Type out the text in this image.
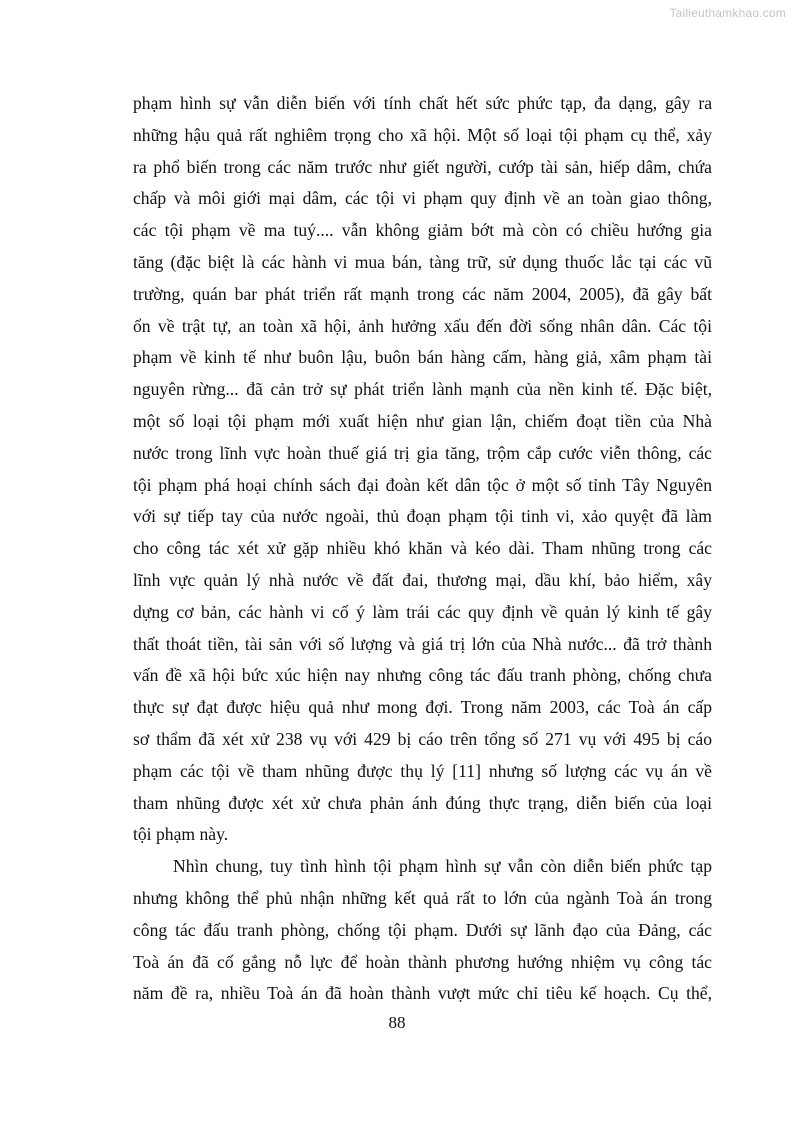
Tailieuthamkhao.com
phạm hình sự vẫn diễn biến với tính chất hết sức phức tạp, đa dạng, gây ra
những hậu quả rất nghiêm trọng cho xã hội. Một số loại tội phạm cụ thể, xảy
ra phổ biến trong các năm trước như giết người, cướp tài sản, hiếp dâm, chứa
chấp và môi giới mại dâm, các tội vi phạm quy định về an toàn giao thông,
các tội phạm về ma tuý.... vẫn không giảm bớt mà còn có chiều hướng gia
tăng (đặc biệt là các hành vi mua bán, tàng trữ, sử dụng thuốc lắc tại các vũ
trường, quán bar phát triển rất mạnh trong các năm 2004, 2005), đã gây bất
ổn về trật tự, an toàn xã hội, ảnh hưởng xấu đến đời sống nhân dân. Các tội
phạm về kinh tế như buôn lậu, buôn bán hàng cấm, hàng giả, xâm phạm tài
nguyên rừng... đã cản trở sự phát triển lành mạnh của nền kinh tế. Đặc biệt,
một số loại tội phạm mới xuất hiện như gian lận, chiếm đoạt tiền của Nhà
nước trong lĩnh vực hoàn thuế giá trị gia tăng, trộm cắp cước viễn thông, các
tội phạm phá hoại chính sách đại đoàn kết dân tộc ở một số tỉnh Tây Nguyên
với sự tiếp tay của nước ngoài, thủ đoạn phạm tội tinh vi, xảo quyệt đã làm
cho công tác xét xử gặp nhiều khó khăn và kéo dài. Tham nhũng trong các
lĩnh vực quản lý nhà nước về đất đai, thương mại, dầu khí, bảo hiểm, xây
dựng cơ bản, các hành vi cố ý làm trái các quy định về quản lý kinh tế gây
thất thoát tiền, tài sản với số lượng và giá trị lớn của Nhà nước... đã trở thành
vấn đề xã hội bức xúc hiện nay nhưng công tác đấu tranh phòng, chống chưa
thực sự đạt được hiệu quả như mong đợi. Trong năm 2003, các Toà án cấp
sơ thẩm đã xét xử 238 vụ với 429 bị cáo trên tổng số 271 vụ với 495 bị cáo
phạm các tội về tham nhũng được thụ lý [11] nhưng số lượng các vụ án về
tham nhũng được xét xử chưa phản ánh đúng thực trạng, diễn biến của loại
tội phạm này.
Nhìn chung, tuy tình hình tội phạm hình sự vẫn còn diễn biến phức tạp
nhưng không thể phủ nhận những kết quả rất to lớn của ngành Toà án trong
công tác đấu tranh phòng, chống tội phạm. Dưới sự lãnh đạo của Đảng, các
Toà án đã cố gắng nỗ lực để hoàn thành phương hướng nhiệm vụ công tác
năm đề ra, nhiều Toà án đã hoàn thành vượt mức chỉ tiêu kế hoạch. Cụ thể,
88
